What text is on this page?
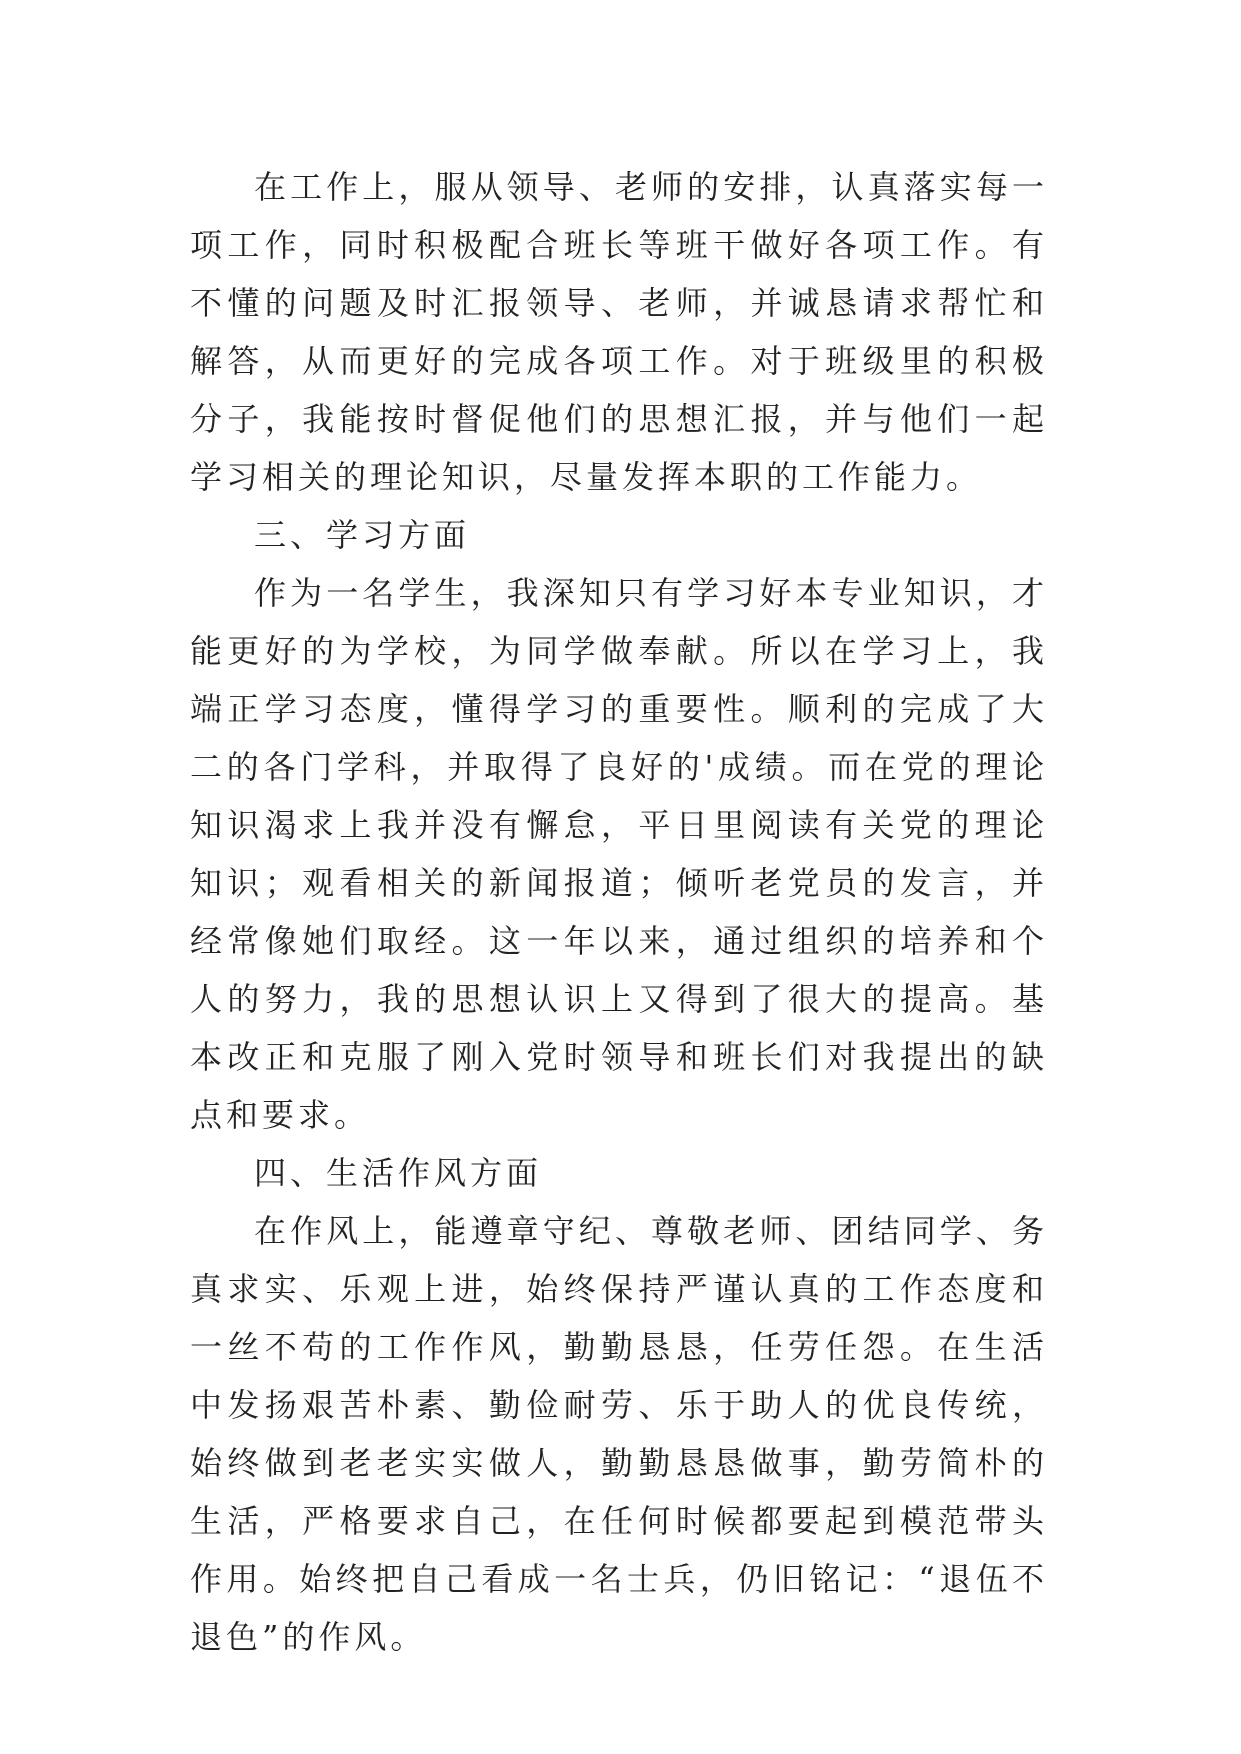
在工作上，服从领导、老师的安排，认真落实每一项工作，同时积极配合班长等班干做好各项工作。有不懂的问题及时汇报领导、老师，并诚恳请求帮忙和解答，从而更好的完成各项工作。对于班级里的积极分子，我能按时督促他们的思想汇报，并与他们一起学习相关的理论知识，尽量发挥本职的工作能力。

三、学习方面

作为一名学生，我深知只有学习好本专业知识，才能更好的为学校，为同学做奉献。所以在学习上，我端正学习态度，懂得学习的重要性。顺利的完成了大二的各门学科，并取得了良好的'成绩。而在党的理论知识渴求上我并没有懈怠，平日里阅读有关党的理论知识；观看相关的新闻报道；倾听老党员的发言，并经常像她们取经。这一年以来，通过组织的培养和个人的努力，我的思想认识上又得到了很大的提高。基本改正和克服了刚入党时领导和班长们对我提出的缺点和要求。

四、生活作风方面

在作风上，能遵章守纪、尊敬老师、团结同学、务真求实、乐观上进，始终保持严谨认真的工作态度和一丝不苟的工作作风，勤勤恳恳，任劳任怨。在生活中发扬艰苦朴素、勤俭耐劳、乐于助人的优良传统，始终做到老老实实做人，勤勤恳恳做事，勤劳简朴的生活，严格要求自己，在任何时候都要起到模范带头作用。始终把自己看成一名士兵，仍旧铭记：“退伍不退色”的作风。
